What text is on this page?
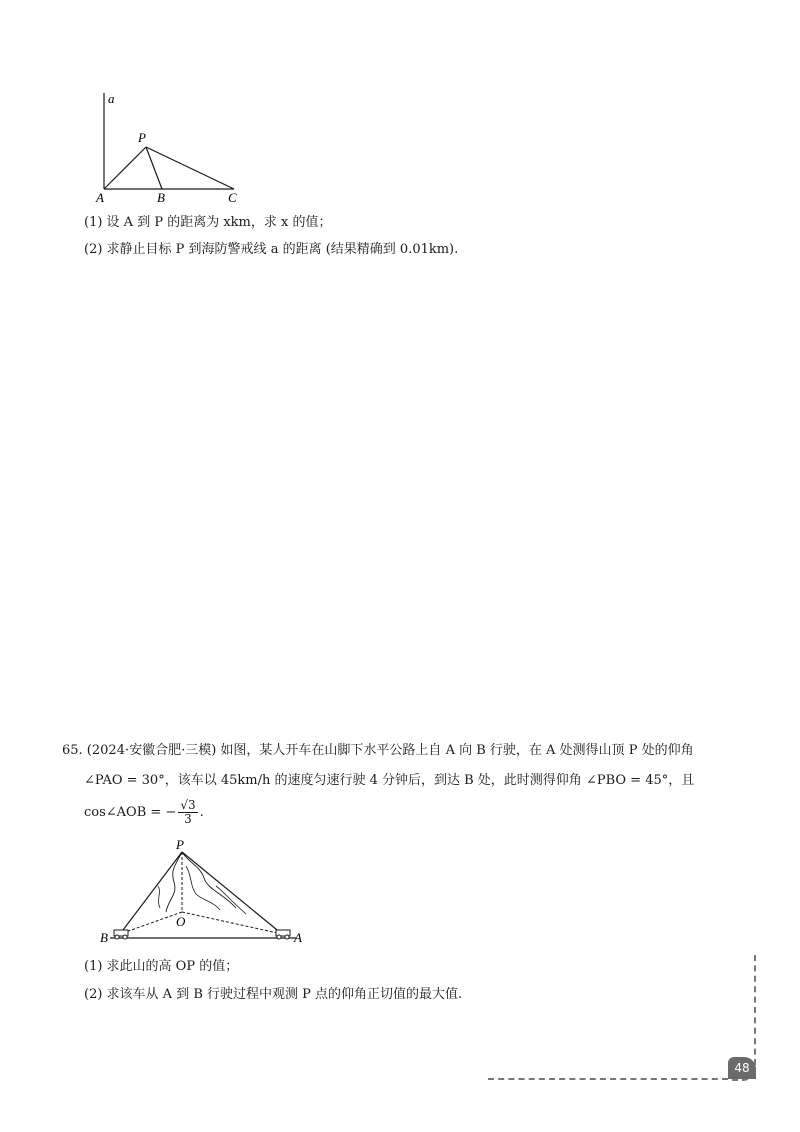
a
P
A	B	C
(1) 设 A 到 P 的距离为 xkm，求 x 的值；
(2) 求静止目标 P 到海防警戒线 a 的距离 (结果精确到 0.01km).
65. (2024·安徽合肥·三模) 如图，某人开车在山脚下水平公路上自 A 向 B 行驶，在 A 处测得山顶 P 处的仰角
∠PAO = 30°，该车以 45km/h 的速度匀速行驶 4 分钟后，到达 B 处，此时测得仰角 ∠PBO = 45°，且
cos∠AOB = − $\frac{√3}{3}$ .
P
O
B	A
(1) 求此山的高 OP 的值；
(2) 求该车从 A 到 B 行驶过程中观测 P 点的仰角正切值的最大值.
48
